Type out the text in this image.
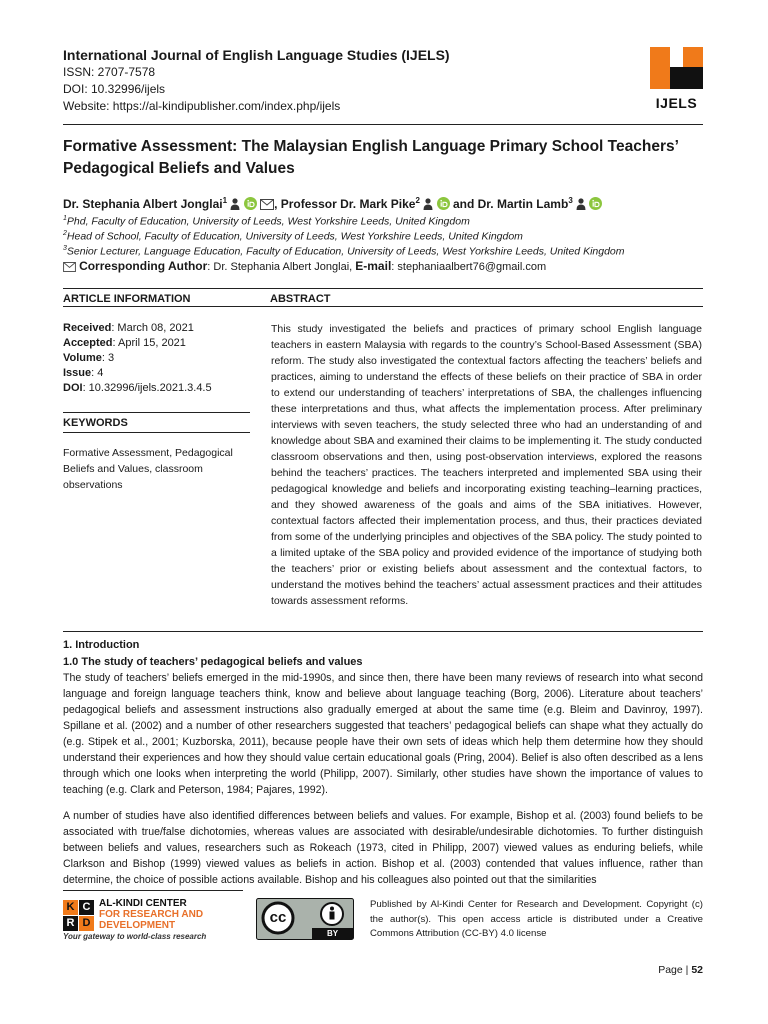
International Journal of English Language Studies (IJELS)
ISSN: 2707-7578
DOI: 10.32996/ijels
Website: https://al-kindipublisher.com/index.php/ijels	IJELS
Formative Assessment: The Malaysian English Language Primary School Teachers’ Pedagogical Beliefs and Values
Dr. Stephania Albert Jonglai$^1$	, Professor Dr. Mark Pike$^2$   and Dr. Martin Lamb$^3$
$^1$Phd, Faculty of Education, University of Leeds, West Yorkshire Leeds, United Kingdom
$^2$Head of School, Faculty of Education, University of Leeds, West Yorkshire Leeds, United Kingdom
$^3$Senior Lecturer, Language Education, Faculty of Education, University of Leeds, West Yorkshire Leeds, United Kingdom
Corresponding Author: Dr. Stephania Albert Jonglai, E-mail: stephaniaalbert76@gmail.com
ARTICLE INFORMATION	ABSTRACT
Received: March 08, 2021
Accepted: April 15, 2021
Volume: 3
Issue: 4
DOI: 10.32996/ijels.2021.3.4.5
KEYWORDS
Formative Assessment, Pedagogical Beliefs and Values, classroom observations
This study investigated the beliefs and practices of primary school English language teachers in eastern Malaysia with regards to the country’s School-Based Assessment (SBA) reform. The study also investigated the contextual factors affecting the teachers’ beliefs and practices, aiming to understand the effects of these beliefs on their practice of SBA in order to extend our understanding of teachers’ interpretations of SBA, the challenges influencing these interpretations and thus, what affects the implementation process. After preliminary interviews with seven teachers, the study selected three who had an understanding of and knowledge about SBA and examined their claims to be implementing it. The study conducted classroom observations and then, using post-observation interviews, explored the reasons behind the teachers’ practices. The teachers interpreted and implemented SBA using their pedagogical knowledge and beliefs and incorporating existing teaching–learning practices, and they showed awareness of the goals and aims of the SBA initiatives. However, contextual factors affected their implementation process, and thus, their practices deviated from some of the underlying principles and objectives of the SBA policy. The study pointed to a limited uptake of the SBA policy and provided evidence of the importance of studying both the teachers’ prior or existing beliefs about assessment and the contextual factors, to understand the motives behind the teachers’ actual assessment practices and their attitudes towards assessment reforms.
1. Introduction
1.0 The study of teachers’ pedagogical beliefs and values
The study of teachers’ beliefs emerged in the mid-1990s, and since then, there have been many reviews of research into what second language and foreign language teachers think, know and believe about language teaching (Borg, 2006). Literature about teachers’ pedagogical beliefs and assessment instructions also gradually emerged at about the same time (e.g. Bleim and Davinroy, 1997). Spillane et al. (2002) and a number of other researchers suggested that teachers’ pedagogical beliefs can shape what they actually do (e.g. Stipek et al., 2001; Kuzborska, 2011), because people have their own sets of ideas which help them determine how they should understand their experiences and how they should value certain educational goals (Pring, 2004). Belief is also often described as a lens through which one looks when interpreting the world (Philipp, 2007). Similarly, other studies have shown the importance of values to teaching (e.g. Clark and Peterson, 1984; Pajares, 1992).
A number of studies have also identified differences between beliefs and values. For example, Bishop et al. (2003) found beliefs to be associated with true/false dichotomies, whereas values are associated with desirable/undesirable dichotomies. To further distinguish between beliefs and values, researchers such as Rokeach (1973, cited in Philipp, 2007) viewed values as enduring beliefs, while Clarkson and Bishop (1999) viewed values as beliefs in action. Bishop et al. (2003) contended that values influence, rather than determine, the choice of possible actions available. Bishop and his colleagues also pointed out that the similarities
K C
R D
AL-KINDI CENTER
FOR RESEARCH AND
DEVELOPMENT
Your gateway to world-class research
cc
BY
Published by Al-Kindi Center for Research and Development. Copyright (c) the author(s). This open access article is distributed under a Creative Commons Attribution (CC-BY) 4.0 license
Page | 52
